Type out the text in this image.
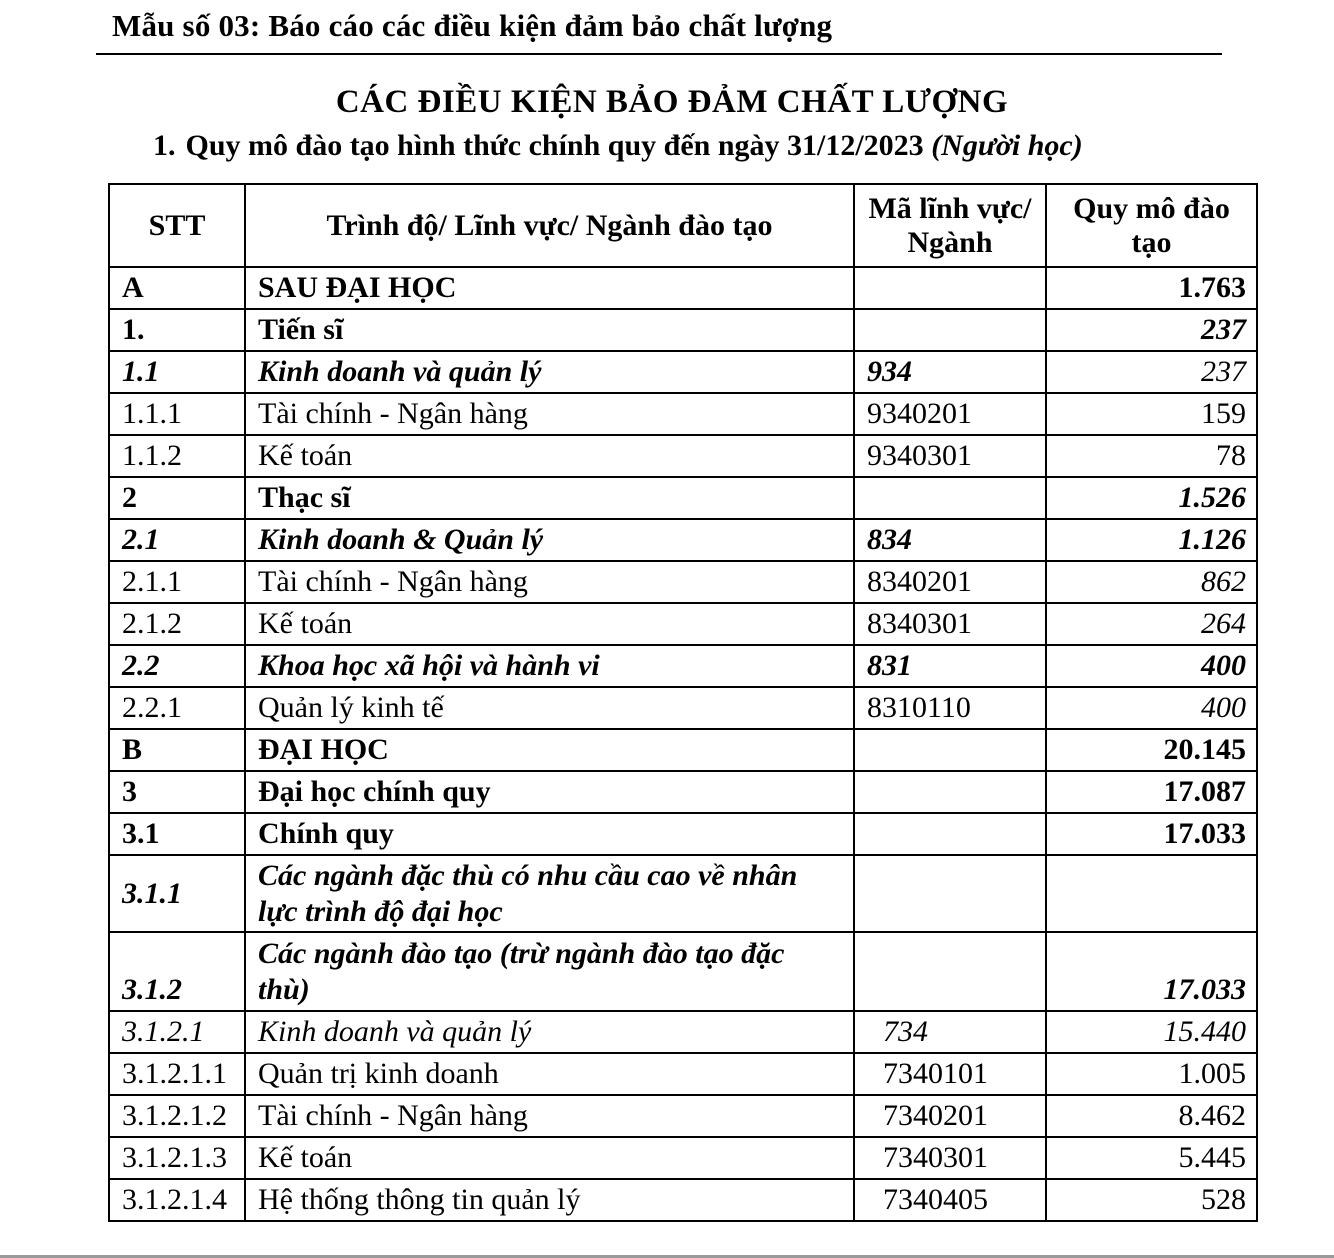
Mẫu số 03: Báo cáo các điều kiện đảm bảo chất lượng
CÁC ĐIỀU KIỆN BẢO ĐẢM CHẤT LƯỢNG
1. Quy mô đào tạo hình thức chính quy đến ngày 31/12/2023 (Người học)
STT	Trình độ/ Lĩnh vực/ Ngành đào tạo	Mã lĩnh vực/ Ngành	Quy mô đào tạo
A	SAU ĐẠI HỌC		1.763
1.	Tiến sĩ		237
1.1	Kinh doanh và quản lý	934	237
1.1.1	Tài chính - Ngân hàng	9340201	159
1.1.2	Kế toán	9340301	78
2	Thạc sĩ		1.526
2.1	Kinh doanh & Quản lý	834	1.126
2.1.1	Tài chính - Ngân hàng	8340201	862
2.1.2	Kế toán	8340301	264
2.2	Khoa học xã hội và hành vi	831	400
2.2.1	Quản lý kinh tế	8310110	400
B	ĐẠI HỌC		20.145
3	Đại học chính quy		17.087
3.1	Chính quy		17.033
3.1.1	Các ngành đặc thù có nhu cầu cao về nhân lực trình độ đại học		
3.1.2	Các ngành đào tạo (trừ ngành đào tạo đặc thù)		17.033
3.1.2.1	Kinh doanh và quản lý	734	15.440
3.1.2.1.1	Quản trị kinh doanh	7340101	1.005
3.1.2.1.2	Tài chính - Ngân hàng	7340201	8.462
3.1.2.1.3	Kế toán	7340301	5.445
3.1.2.1.4	Hệ thống thông tin quản lý	7340405	528
